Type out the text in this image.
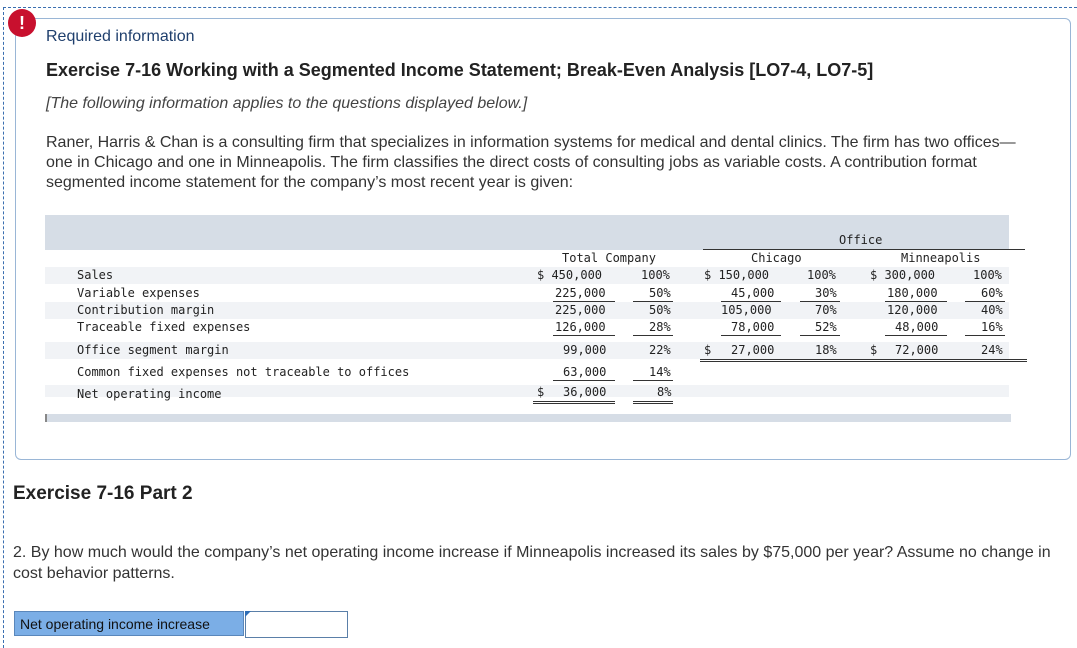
!
Required information
Exercise 7-16 Working with a Segmented Income Statement; Break-Even Analysis [LO7-4, LO7-5]
[The following information applies to the questions displayed below.]
Raner, Harris & Chan is a consulting firm that specializes in information systems for medical and dental clinics. The firm has two offices—one in Chicago and one in Minneapolis. The firm classifies the direct costs of consulting jobs as variable costs. A contribution format segmented income statement for the company’s most recent year is given:
Office
Total Company	Chicago	Minneapolis
Sales	$ 450,000	100%	$ 150,000	100%	$ 300,000	100%
Variable expenses	225,000	50%	45,000	30%	180,000	60%
Contribution margin	225,000	50%	105,000	70%	120,000	40%
Traceable fixed expenses	126,000	28%	78,000	52%	48,000	16%
Office segment margin	99,000	22%	$ 27,000	18%	$ 72,000	24%
Common fixed expenses not traceable to offices	63,000	14%
Net operating income	$ 36,000	8%
Exercise 7-16 Part 2
2. By how much would the company’s net operating income increase if Minneapolis increased its sales by $75,000 per year? Assume no change in cost behavior patterns.
Net operating income increase
